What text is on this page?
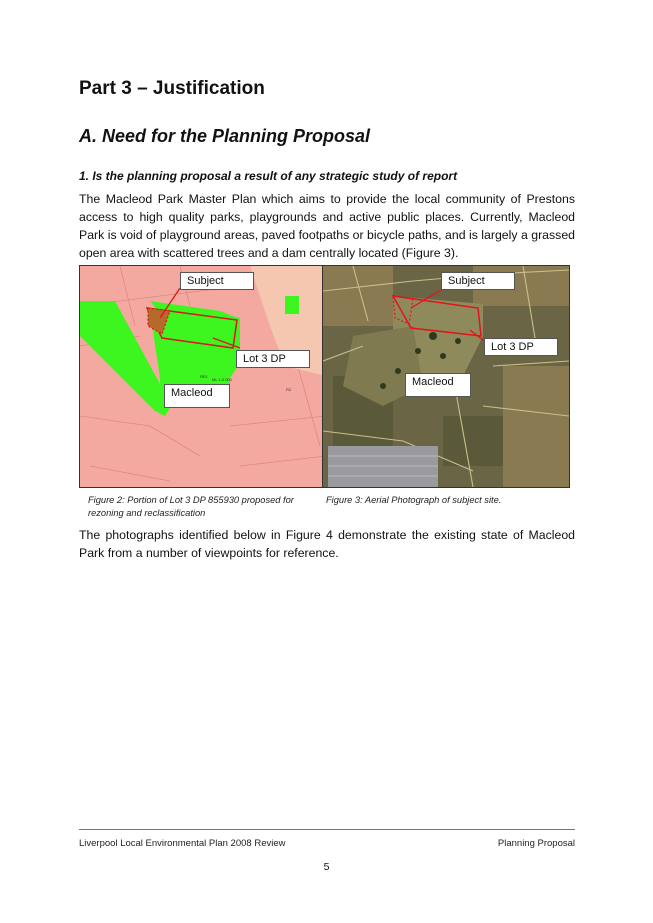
Part 3 – Justification
A. Need for the Planning Proposal
1. Is the planning proposal a result of any strategic study of report

The Macleod Park Master Plan which aims to provide the local community of Prestons access to high quality parks, playgrounds and active public places. Currently, Macleod Park is void of playground areas, paved footpaths or bicycle paths, and is largely a grassed open area with scattered trees and a dam centrally located (Figure 3).

RE1
ML 1:0 000
R2
Subject
Lot 3 DP
Macleod
Subject
Lot 3 DP
Macleod
Figure 2: Portion of Lot 3 DP 855930 proposed for rezoning and reclassification
Figure 3: Aerial Photograph of subject site.

The photographs identified below in Figure 4 demonstrate the existing state of Macleod Park from a number of viewpoints for reference.

Liverpool Local Environmental Plan 2008 Review	Planning Proposal
5
